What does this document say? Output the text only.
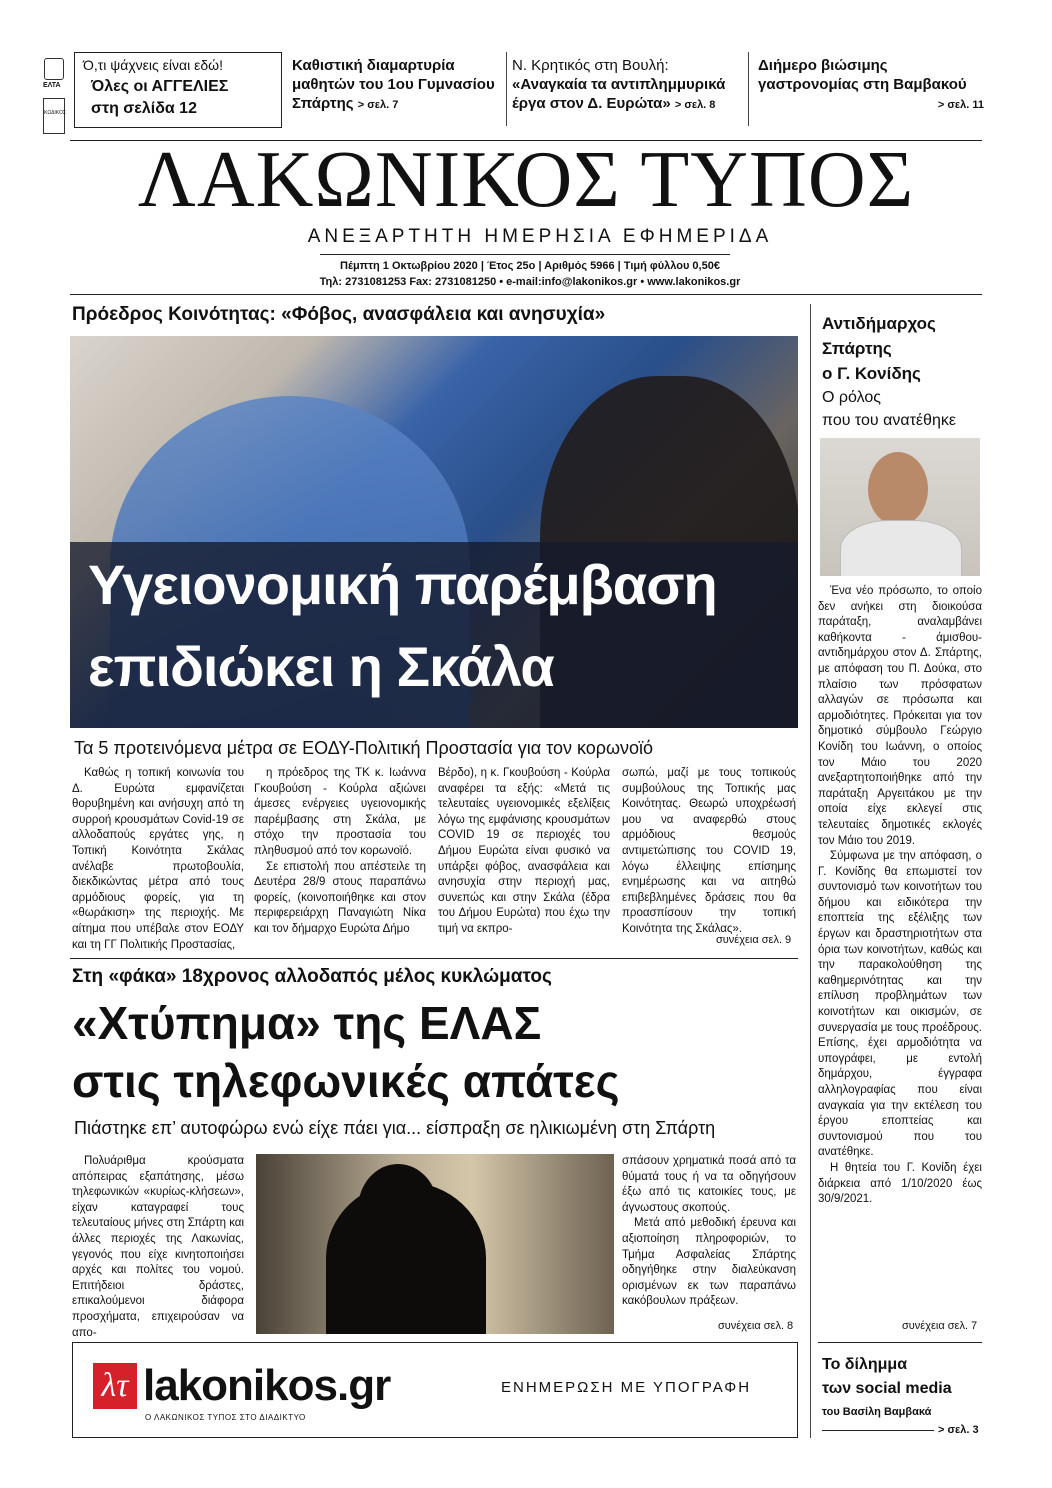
ΕΛΤΑ
ΚΩΔΙΚΟΣ
Ό,τι ψάχνεις είναι εδώ!
Όλες οι ΑΓΓΕΛΙΕΣ
στη σελίδα 12
Καθιστική διαμαρτυρία
μαθητών του 1ου Γυμνασίου
Σπάρτης > σελ. 7
Ν. Κρητικός στη Βουλή:
«Αναγκαία τα αντιπλημμυρικά
έργα στον Δ. Ευρώτα» > σελ. 8
Διήμερο βιώσιμης
γαστρονομίας στη Βαμβακού
> σελ. 11
ΛΑΚΩΝΙΚΟΣ ΤΥΠΟΣ
ΑΝΕΞΑΡΤΗΤΗ ΗΜΕΡΗΣΙΑ ΕΦΗΜΕΡΙΔΑ
Πέμπτη 1 Οκτωβρίου 2020 | Έτος 25ο | Αριθμός 5966 | Τιμή φύλλου 0,50€
Τηλ: 2731081253 Fax: 2731081250 • e-mail:info@lakonikos.gr • www.lakonikos.gr
Πρόεδρος Κοινότητας: «Φόβος, ανασφάλεια και ανησυχία»
Υγειονομική παρέμβαση
επιδιώκει η Σκάλα
Τα 5 προτεινόμενα μέτρα σε ΕΟΔΥ-Πολιτική Προστασία για τον κορωνοϊό

Καθώς η τοπική κοινωνία του Δ. Ευρώτα εμφανίζεται θορυβημένη και ανήσυχη από τη συρροή κρουσμάτων Covid-19 σε αλλοδαπούς εργάτες γης, η Τοπική Κοινότητα Σκάλας ανέλαβε πρωτοβουλία, διεκδικώντας μέτρα από τους αρμόδιους φορείς, για τη «θωράκιση» της περιοχής. Με αίτημα που υπέβαλε στον ΕΟΔΥ και τη ΓΓ Πολιτικής Προστασίας,

η πρόεδρος της ΤΚ κ. Ιωάννα Γκουβούση - Κούρλα αξιώνει άμεσες ενέργειες υγειονομικής παρέμβασης στη Σκάλα, με στόχο την προστασία του πληθυσμού από τον κορωνοϊό.

Σε επιστολή που απέστειλε τη Δευτέρα 28/9 στους παραπάνω φορείς, (κοινοποιήθηκε και στον περιφερειάρχη Παναγιώτη Νίκα και τον δήμαρχο Ευρώτα Δήμο

Βέρδο), η κ. Γκουβούση - Κούρλα αναφέρει τα εξής: «Μετά τις τελευταίες υγειονομικές εξελίξεις λόγω της εμφάνισης κρουσμάτων COVID 19 σε περιοχές του Δήμου Ευρώτα είναι φυσικό να υπάρξει φόβος, ανασφάλεια και ανησυχία στην περιοχή μας, συνεπώς και στην Σκάλα (έδρα του Δήμου Ευρώτα) που έχω την τιμή να εκπρο-

σωπώ, μαζί με τους τοπικούς συμβούλους της Τοπικής μας Κοινότητας. Θεωρώ υποχρέωσή μου να αναφερθώ στους αρμόδιους θεσμούς αντιμετώπισης του COVID 19, λόγω έλλειψης επίσημης ενημέρωσης και να αιτηθώ επιβεβλημένες δράσεις που θα προασπίσουν την τοπική Κοινότητα της Σκάλας».

συνέχεια σελ. 9
Στη «φάκα» 18χρονος αλλοδαπός μέλος κυκλώματος
«Χτύπημα» της ΕΛΑΣ
στις τηλεφωνικές απάτες
Πιάστηκε επ’ αυτοφώρω ενώ είχε πάει για... είσπραξη σε ηλικιωμένη στη Σπάρτη

Πολυάριθμα κρούσματα απόπειρας εξαπάτησης, μέσω τηλεφωνικών «κυρίως-κλήσεων», είχαν καταγραφεί τους τελευταίους μήνες στη Σπάρτη και άλλες περιοχές της Λακωνίας, γεγονός που είχε κινητοποιήσει αρχές και πολίτες του νομού. Επιτήδειοι δράστες, επικαλούμενοι διάφορα προσχήματα, επιχειρούσαν να απο-

σπάσουν χρηματικά ποσά από τα θύματά τους ή να τα οδηγήσουν έξω από τις κατοικίες τους, με άγνωστους σκοπούς.

Μετά από μεθοδική έρευνα και αξιοποίηση πληροφοριών, το Τμήμα Ασφαλείας Σπάρτης οδηγήθηκε στην διαλεύκανση ορισμένων εκ των παραπάνω κακόβουλων πράξεων.

συνέχεια σελ. 8
Αντιδήμαρχος
Σπάρτης
ο Γ. Κονίδης
Ο ρόλος
που του ανατέθηκε

Ένα νέο πρόσωπο, το οποίο δεν ανήκει στη διοικούσα παράταξη, αναλαμβάνει καθήκοντα - άμισθου- αντιδημάρχου στον Δ. Σπάρτης, με απόφαση του Π. Δούκα, στο πλαίσιο των πρόσφατων αλλαγών σε πρόσωπα και αρμοδιότητες. Πρόκειται για τον δημοτικό σύμβουλο Γεώργιο Κονίδη του Ιωάννη, ο οποίος τον Μάιο του 2020 ανεξαρτητοποιήθηκε από την παράταξη Αργειτάκου με την οποία είχε εκλεγεί στις τελευταίες δημοτικές εκλογές τον Μάιο του 2019.

Σύμφωνα με την απόφαση, ο Γ. Κονίδης θα επωμιστεί τον συντονισμό των κοινοτήτων του δήμου και ειδικότερα την εποπτεία της εξέλιξης των έργων και δραστηριοτήτων στα όρια των κοινοτήτων, καθώς και την παρακολούθηση της καθημερινότητας και την επίλυση προβλημάτων των κοινοτήτων και οικισμών, σε συνεργασία με τους προέδρους. Επίσης, έχει αρμοδιότητα να υπογράφει, με εντολή δημάρχου, έγγραφα αλληλογραφίας που είναι αναγκαία για την εκτέλεση του έργου εποπτείας και συντονισμού που του ανατέθηκε.

Η θητεία του Γ. Κονίδη έχει διάρκεια από 1/10/2020 έως 30/9/2021.

συνέχεια σελ. 7
Το δίλημμα
των social media
του Βασίλη Βαμβακά
> σελ. 3
λτ lakonikos.gr
Ο ΛΑΚΩΝΙΚΟΣ ΤΥΠΟΣ ΣΤΟ ΔΙΑΔΙΚΤΥΟ
ΕΝΗΜΕΡΩΣΗ ΜΕ ΥΠΟΓΡΑΦΗ
